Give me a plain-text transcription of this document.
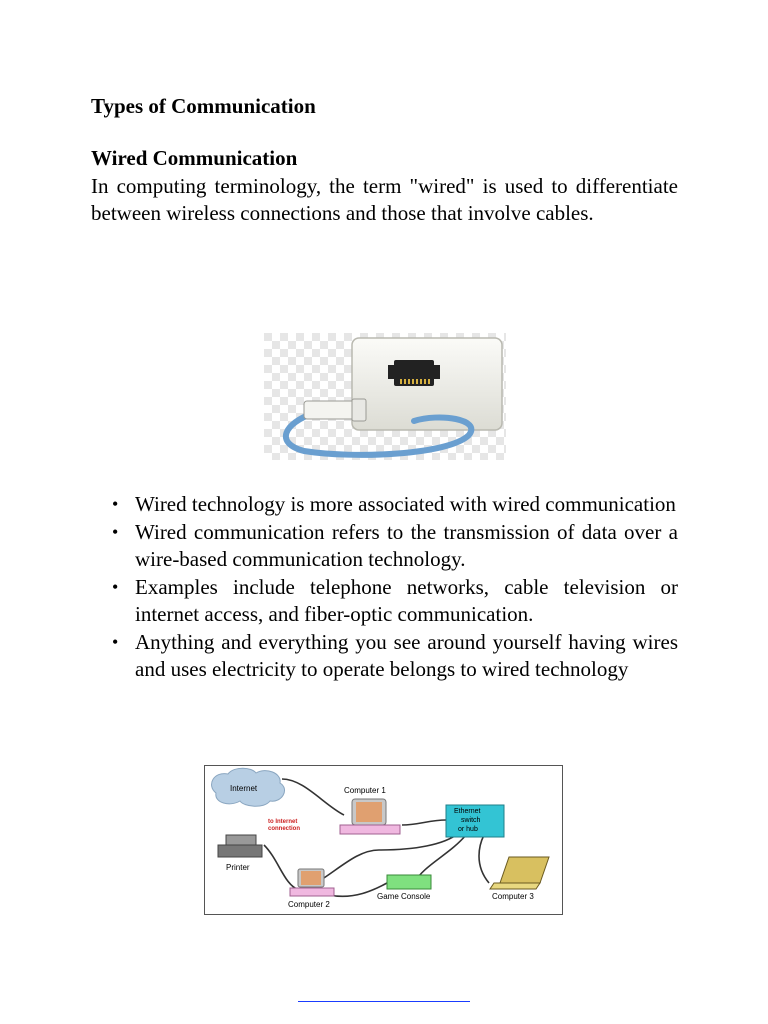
Types of Communication
Wired Communication

In computing terminology, the term "wired" is used to differentiate between wireless connections and those that involve cables.

• Wired technology is more associated with wired communication
• Wired communication refers to the transmission of data over a wire-based communication technology.
• Examples include telephone networks, cable television or internet access, and fiber-optic communication.
• Anything and everything you see around yourself having wires and uses electricity to operate belongs to wired technology
Internet
to Internet
connection
Computer 1
Ethernet
switch
or hub
Printer
Computer 2
Game Console	Computer 3
